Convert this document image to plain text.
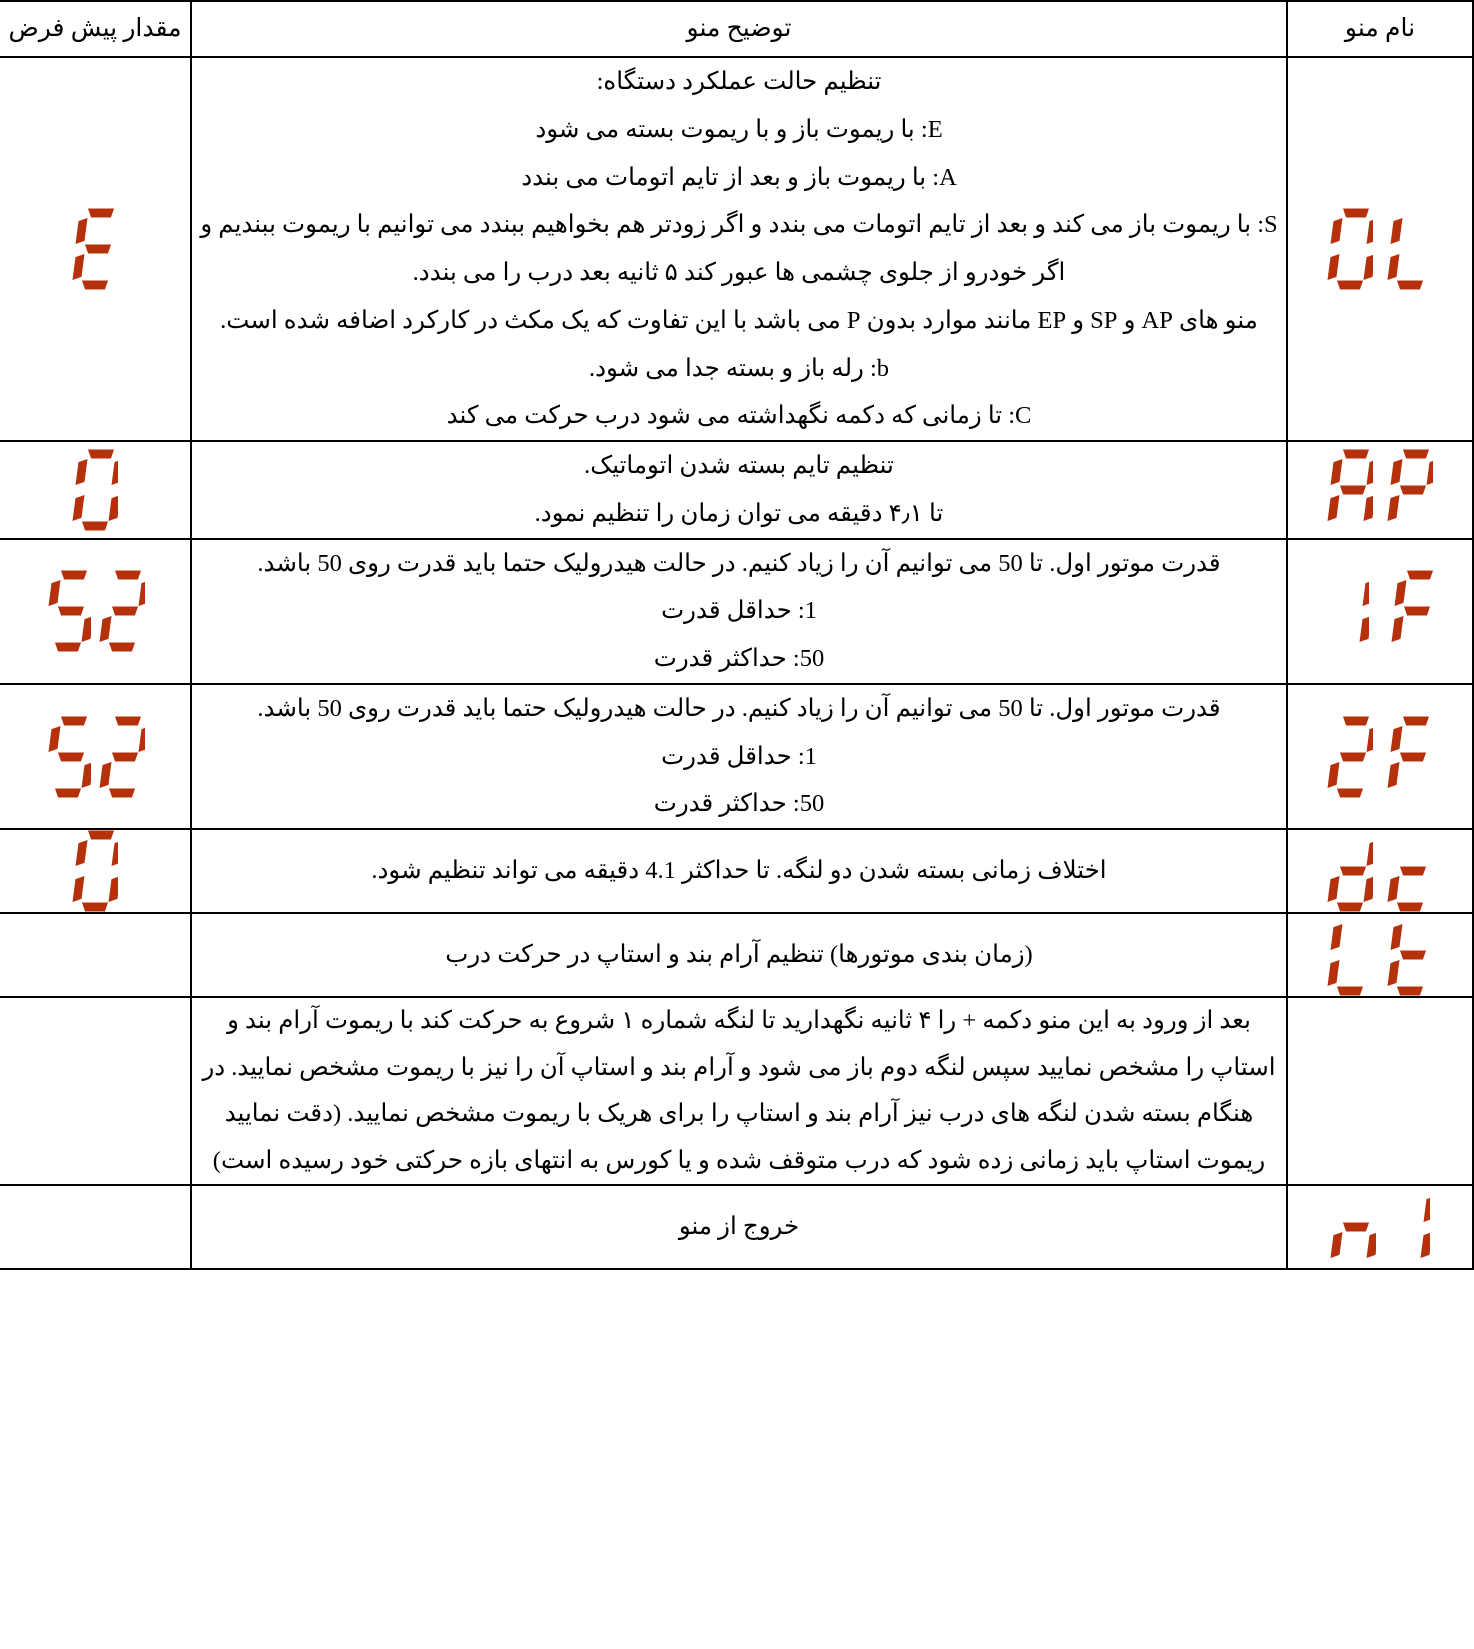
نام منو	توضیح منو	مقدار پیش فرض

تنظیم حالت عملکرد دستگاه:
E: با ریموت باز و با ریموت بسته می شود
A: با ریموت باز و بعد از تایم اتومات می بندد
S: با ریموت باز می کند و بعد از تایم اتومات می بندد و اگر زودتر هم بخواهیم ببندد می توانیم با ریموت ببندیم و اگر خودرو از جلوی چشمی ها عبور کند ۵ ثانیه بعد درب را می بندد.
منو های AP و SP و EP مانند موارد بدون P می باشد با این تفاوت که یک مکث در کارکرد اضافه شده است.
b: رله باز و بسته جدا می شود.
C: تا زمانی که دکمه نگهداشته می شود درب حرکت می کند

تنظیم تایم بسته شدن اتوماتیک.
تا ۴٫۱ دقیقه می توان زمان را تنظیم نمود.

قدرت موتور اول. تا 50 می توانیم آن را زیاد کنیم. در حالت هیدرولیک حتما باید قدرت روی 50 باشد.
1: حداقل قدرت
50: حداکثر قدرت

قدرت موتور اول. تا 50 می توانیم آن را زیاد کنیم. در حالت هیدرولیک حتما باید قدرت روی 50 باشد.
1: حداقل قدرت
50: حداکثر قدرت

اختلاف زمانی بسته شدن دو لنگه. تا حداکثر 4.1 دقیقه می تواند تنظیم شود.

(زمان بندی موتورها) تنظیم آرام بند و استاپ در حرکت درب	

	بعد از ورود به این منو دکمه + را ۴ ثانیه نگهدارید تا لنگه شماره ۱ شروع به حرکت کند با ریموت آرام بند و استاپ را مشخص نمایید سپس لنگه دوم باز می شود و آرام بند و استاپ آن را نیز با ریموت مشخص نمایید. در هنگام بسته شدن لنگه های درب نیز آرام بند و استاپ را برای هریک با ریموت مشخص نمایید. (دقت نمایید ریموت استاپ باید زمانی زده شود که درب متوقف شده و یا کورس به انتهای بازه حرکتی خود رسیده است)	

خروج از منو	
